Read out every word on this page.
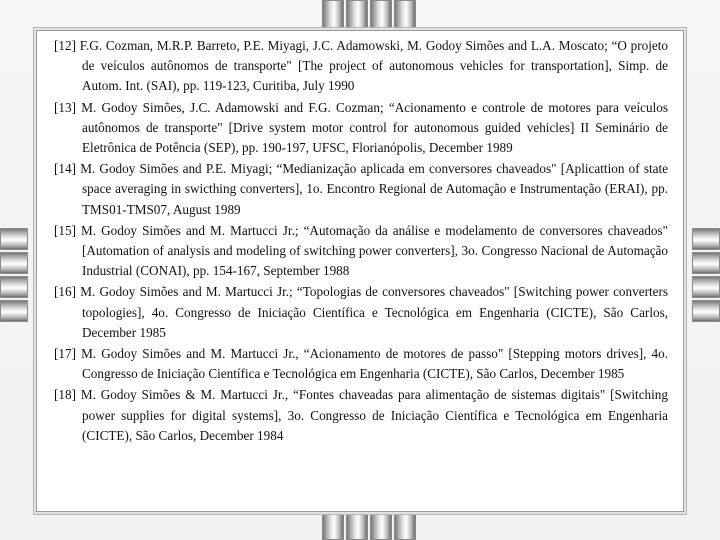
[12] F.G. Cozman, M.R.P. Barreto, P.E. Miyagi, J.C. Adamowski, M. Godoy Simões and L.A. Moscato; “O projeto de veículos autônomos de transporte" [The project of autonomous vehicles for transportation], Simp. de Autom. Int. (SAI), pp. 119-123, Curitiba, July 1990
[13] M. Godoy Simões, J.C. Adamowski and F.G. Cozman; “Acionamento e controle de motores para veículos autônomos de transporte" [Drive system motor control for autonomous guided vehicles] II Seminário de Eletrônica de Potência (SEP), pp. 190-197, UFSC, Florianópolis, December 1989
[14] M. Godoy Simões and P.E. Miyagi; “Medianização aplicada em conversores chaveados" [Aplicattion of state space averaging in swicthing converters], 1o. Encontro Regional de Automação e Instrumentação (ERAI), pp. TMS01-TMS07, August 1989
[15] M. Godoy Simões and M. Martucci Jr.; “Automação da análise e modelamento de conversores chaveados" [Automation of analysis and modeling of switching power converters], 3o. Congresso Nacional de Automação Industrial (CONAI), pp. 154-167, September 1988
[16] M. Godoy Simões and M. Martucci Jr.; “Topologias de conversores chaveados" [Switching power converters topologies], 4o. Congresso de Iniciação Científica e Tecnológica em Engenharia (CICTE), São Carlos, December 1985
[17] M. Godoy Simões and M. Martucci Jr., “Acionamento de motores de passo" [Stepping motors drives], 4o. Congresso de Iniciação Científica e Tecnológica em Engenharia (CICTE), São Carlos, December 1985
[18] M. Godoy Simões & M. Martucci Jr., “Fontes chaveadas para alimentação de sistemas digitais" [Switching power supplies for digital systems], 3o. Congresso de Iniciação Científica e Tecnológica em Engenharia (CICTE), São Carlos, December 1984
